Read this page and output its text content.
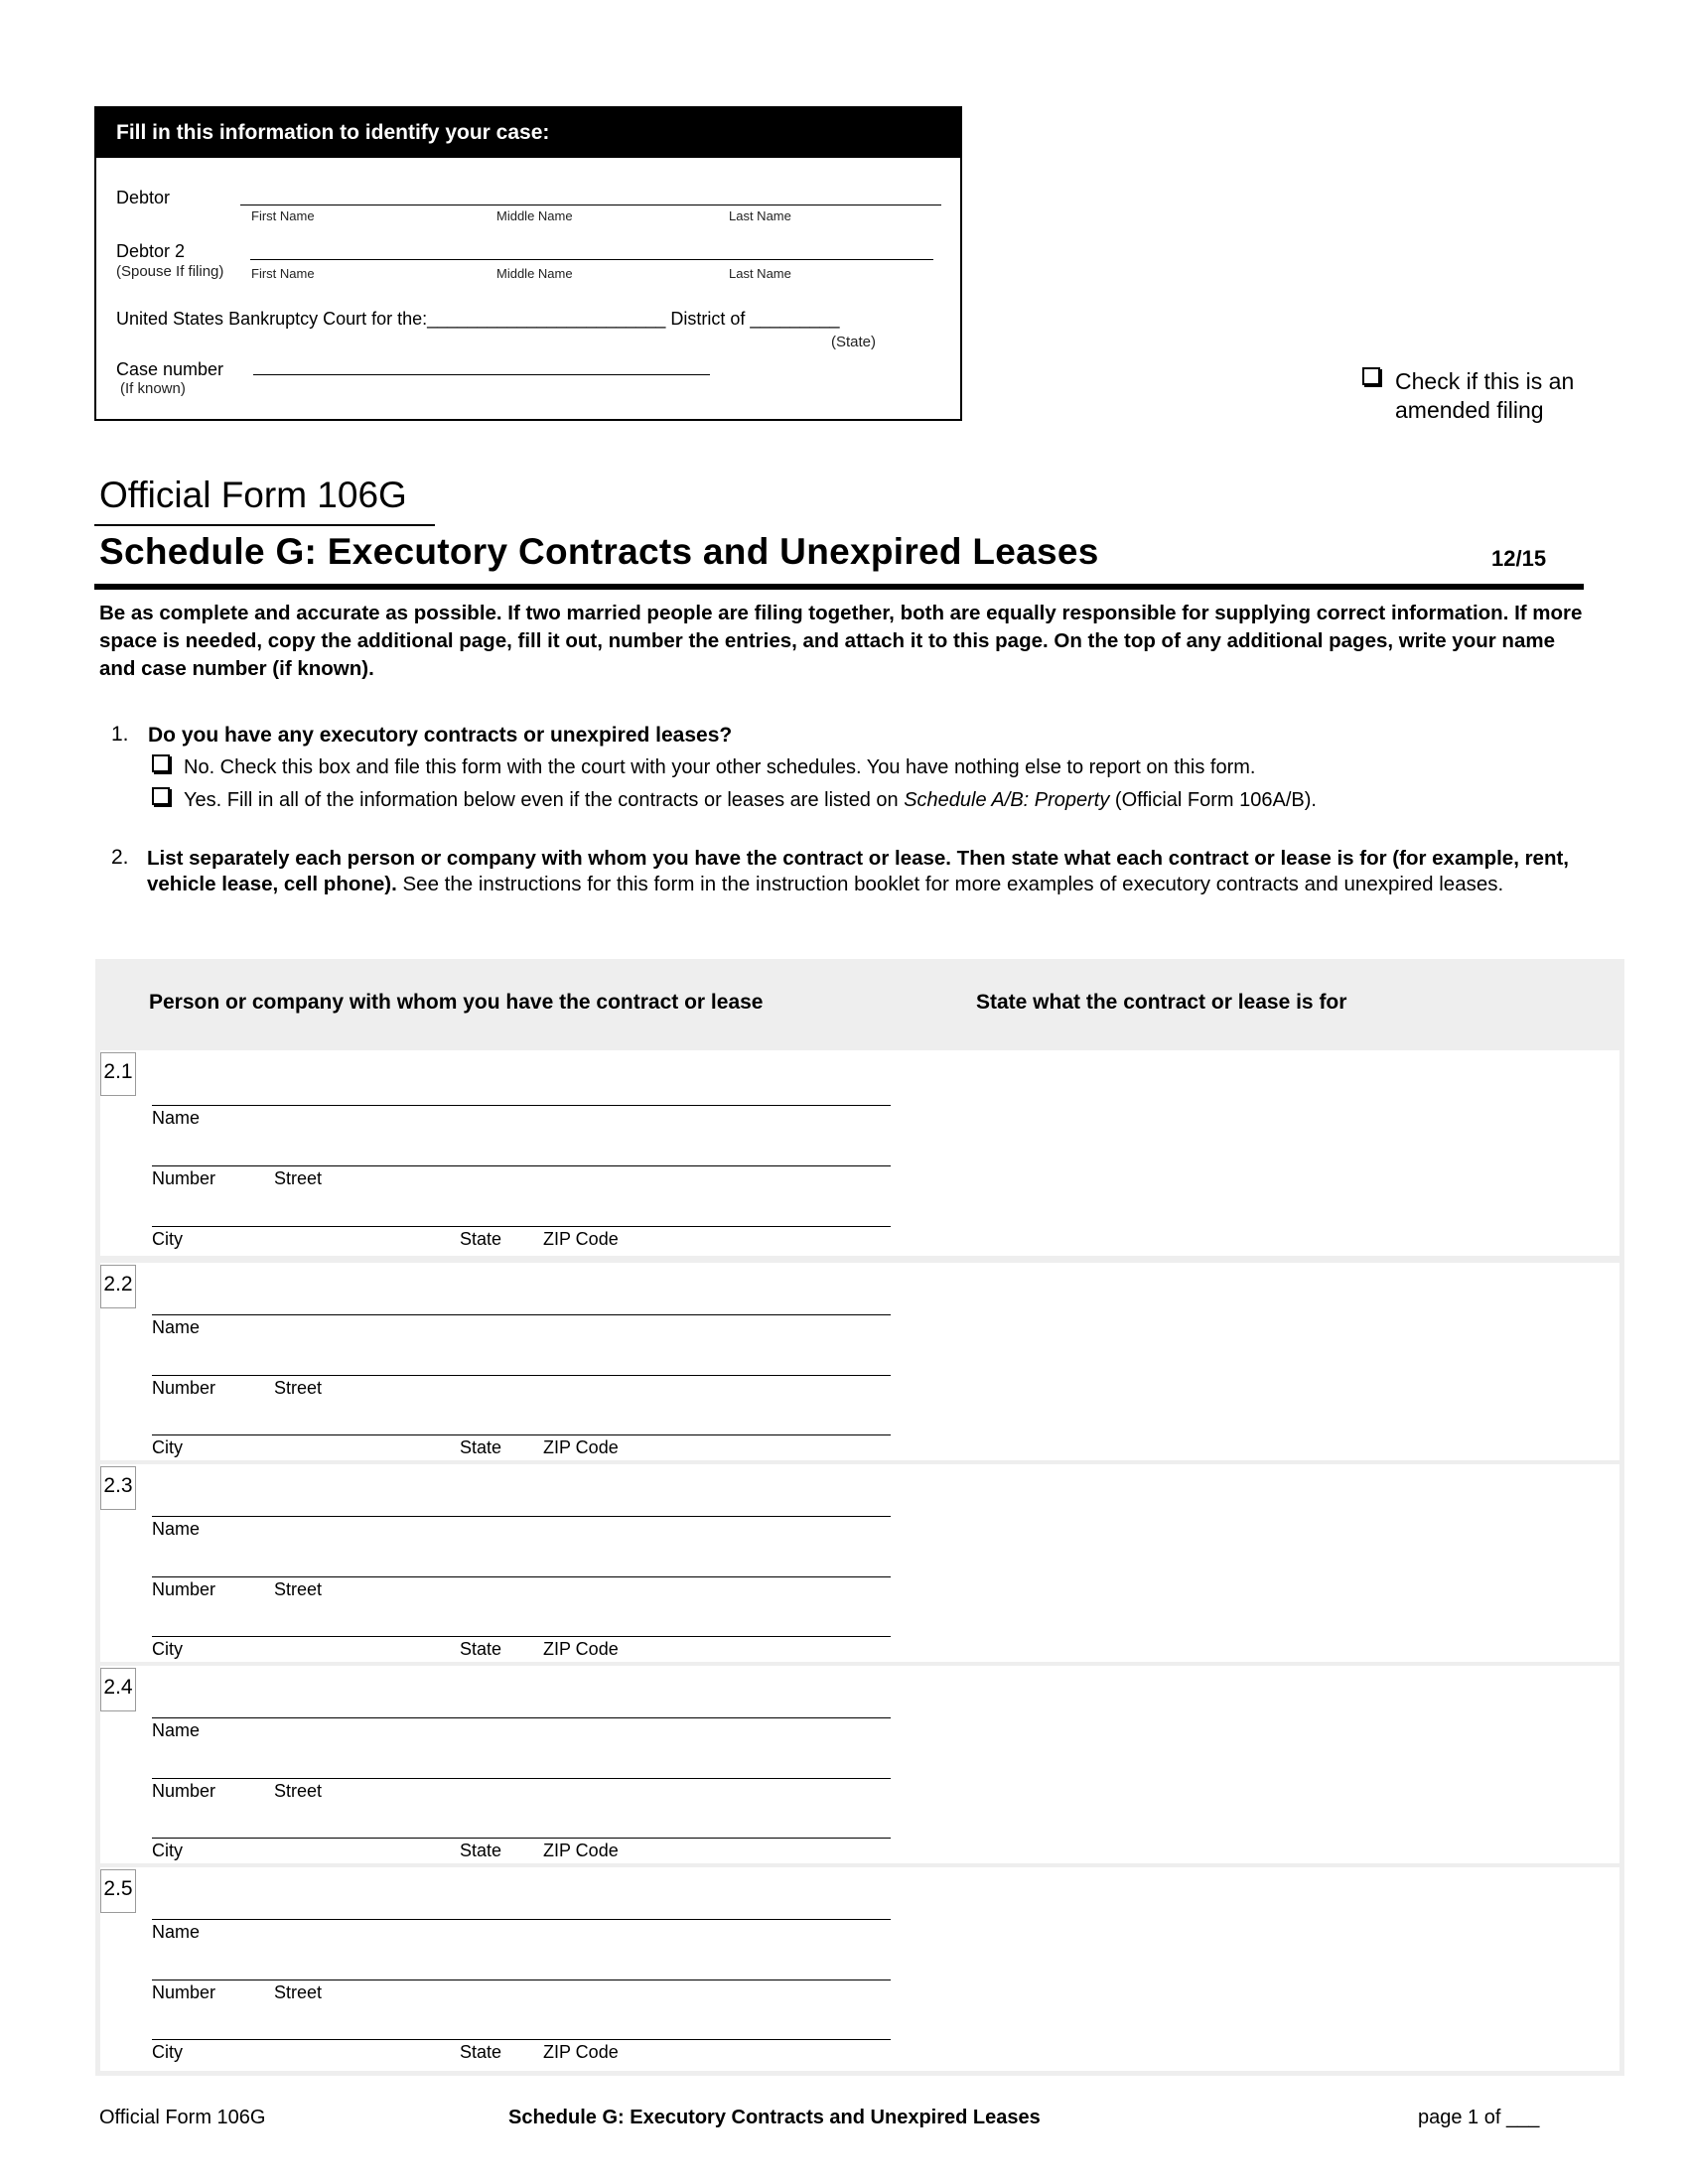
Fill in this information to identify your case:
Debtor
First Name	Middle Name	Last Name
Debtor 2
(Spouse If filing) First Name	Middle Name	Last Name
United States Bankruptcy Court for the:________________________ District of _________
(State)
Case number
(If known)	Check if this is an
amended filing
Official Form 106G
Schedule G: Executory Contracts and Unexpired Leases	12/15
Be as complete and accurate as possible. If two married people are filing together, both are equally responsible for supplying correct information. If more space is needed, copy the additional page, fill it out, number the entries, and attach it to this page. On the top of any additional pages, write your name and case number (if known).
1. Do you have any executory contracts or unexpired leases?
No. Check this box and file this form with the court with your other schedules. You have nothing else to report on this form.
Yes. Fill in all of the information below even if the contracts or leases are listed on Schedule A/B: Property (Official Form 106A/B).
2. List separately each person or company with whom you have the contract or lease. Then state what each contract or lease is for (for example, rent, vehicle lease, cell phone). See the instructions for this form in the instruction booklet for more examples of executory contracts and unexpired leases.
Person or company with whom you have the contract or lease	State what the contract or lease is for
2.1
Name
Number	Street
City	State ZIP Code
2.2
Name
Number	Street
City	State ZIP Code
2.3
Name
Number	Street
City	State ZIP Code
2.4
Name
Number	Street
City	State ZIP Code
2.5
Name
Number	Street
City	State ZIP Code
Official Form 106G	Schedule G: Executory Contracts and Unexpired Leases	page 1 of ___
